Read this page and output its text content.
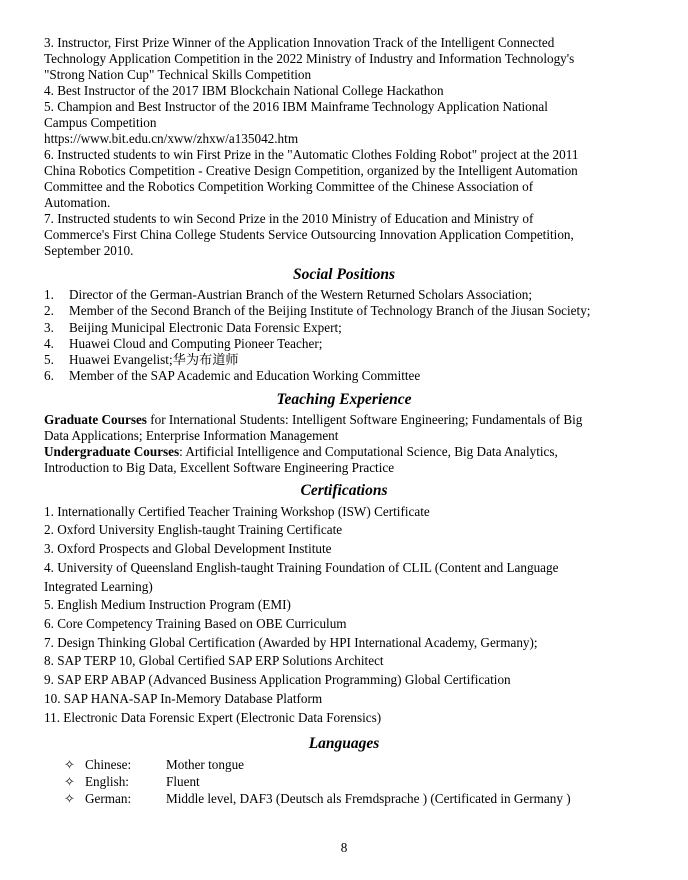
3. Instructor, First Prize Winner of the Application Innovation Track of the Intelligent Connected
Technology Application Competition in the 2022 Ministry of Industry and Information Technology's
"Strong Nation Cup" Technical Skills Competition
4. Best Instructor of the 2017 IBM Blockchain National College Hackathon
5. Champion and Best Instructor of the 2016 IBM Mainframe Technology Application National
Campus Competition
https://www.bit.edu.cn/xww/zhxw/a135042.htm
6. Instructed students to win First Prize in the "Automatic Clothes Folding Robot" project at the 2011
China Robotics Competition - Creative Design Competition, organized by the Intelligent Automation
Committee and the Robotics Competition Working Committee of the Chinese Association of
Automation.
7. Instructed students to win Second Prize in the 2010 Ministry of Education and Ministry of
Commerce's First China College Students Service Outsourcing Innovation Application Competition,
September 2010.
Social Positions
1.	Director of the German-Austrian Branch of the Western Returned Scholars Association;
2.	Member of the Second Branch of the Beijing Institute of Technology Branch of the Jiusan Society;
3.	Beijing Municipal Electronic Data Forensic Expert;
4.	Huawei Cloud and Computing Pioneer Teacher;
5.	Huawei Evangelist;华为布道师
6.	Member of the SAP Academic and Education Working Committee
Teaching Experience
Graduate Courses for International Students: Intelligent Software Engineering; Fundamentals of Big
Data Applications; Enterprise Information Management
Undergraduate Courses: Artificial Intelligence and Computational Science, Big Data Analytics,
Introduction to Big Data, Excellent Software Engineering Practice
Certifications
1. Internationally Certified Teacher Training Workshop (ISW) Certificate
2. Oxford University English-taught Training Certificate
3. Oxford Prospects and Global Development Institute
4. University of Queensland English-taught Training Foundation of CLIL (Content and Language
Integrated Learning)
5. English Medium Instruction Program (EMI)
6. Core Competency Training Based on OBE Curriculum
7. Design Thinking Global Certification (Awarded by HPI International Academy, Germany);
8. SAP TERP 10, Global Certified SAP ERP Solutions Architect
9. SAP ERP ABAP (Advanced Business Application Programming) Global Certification
10. SAP HANA-SAP In-Memory Database Platform
11. Electronic Data Forensic Expert (Electronic Data Forensics)
Languages
✧ Chinese:	Mother tongue
✧ English:	Fluent
✧ German:	Middle level, DAF3 (Deutsch als Fremdsprache ) (Certificated in Germany )
8
